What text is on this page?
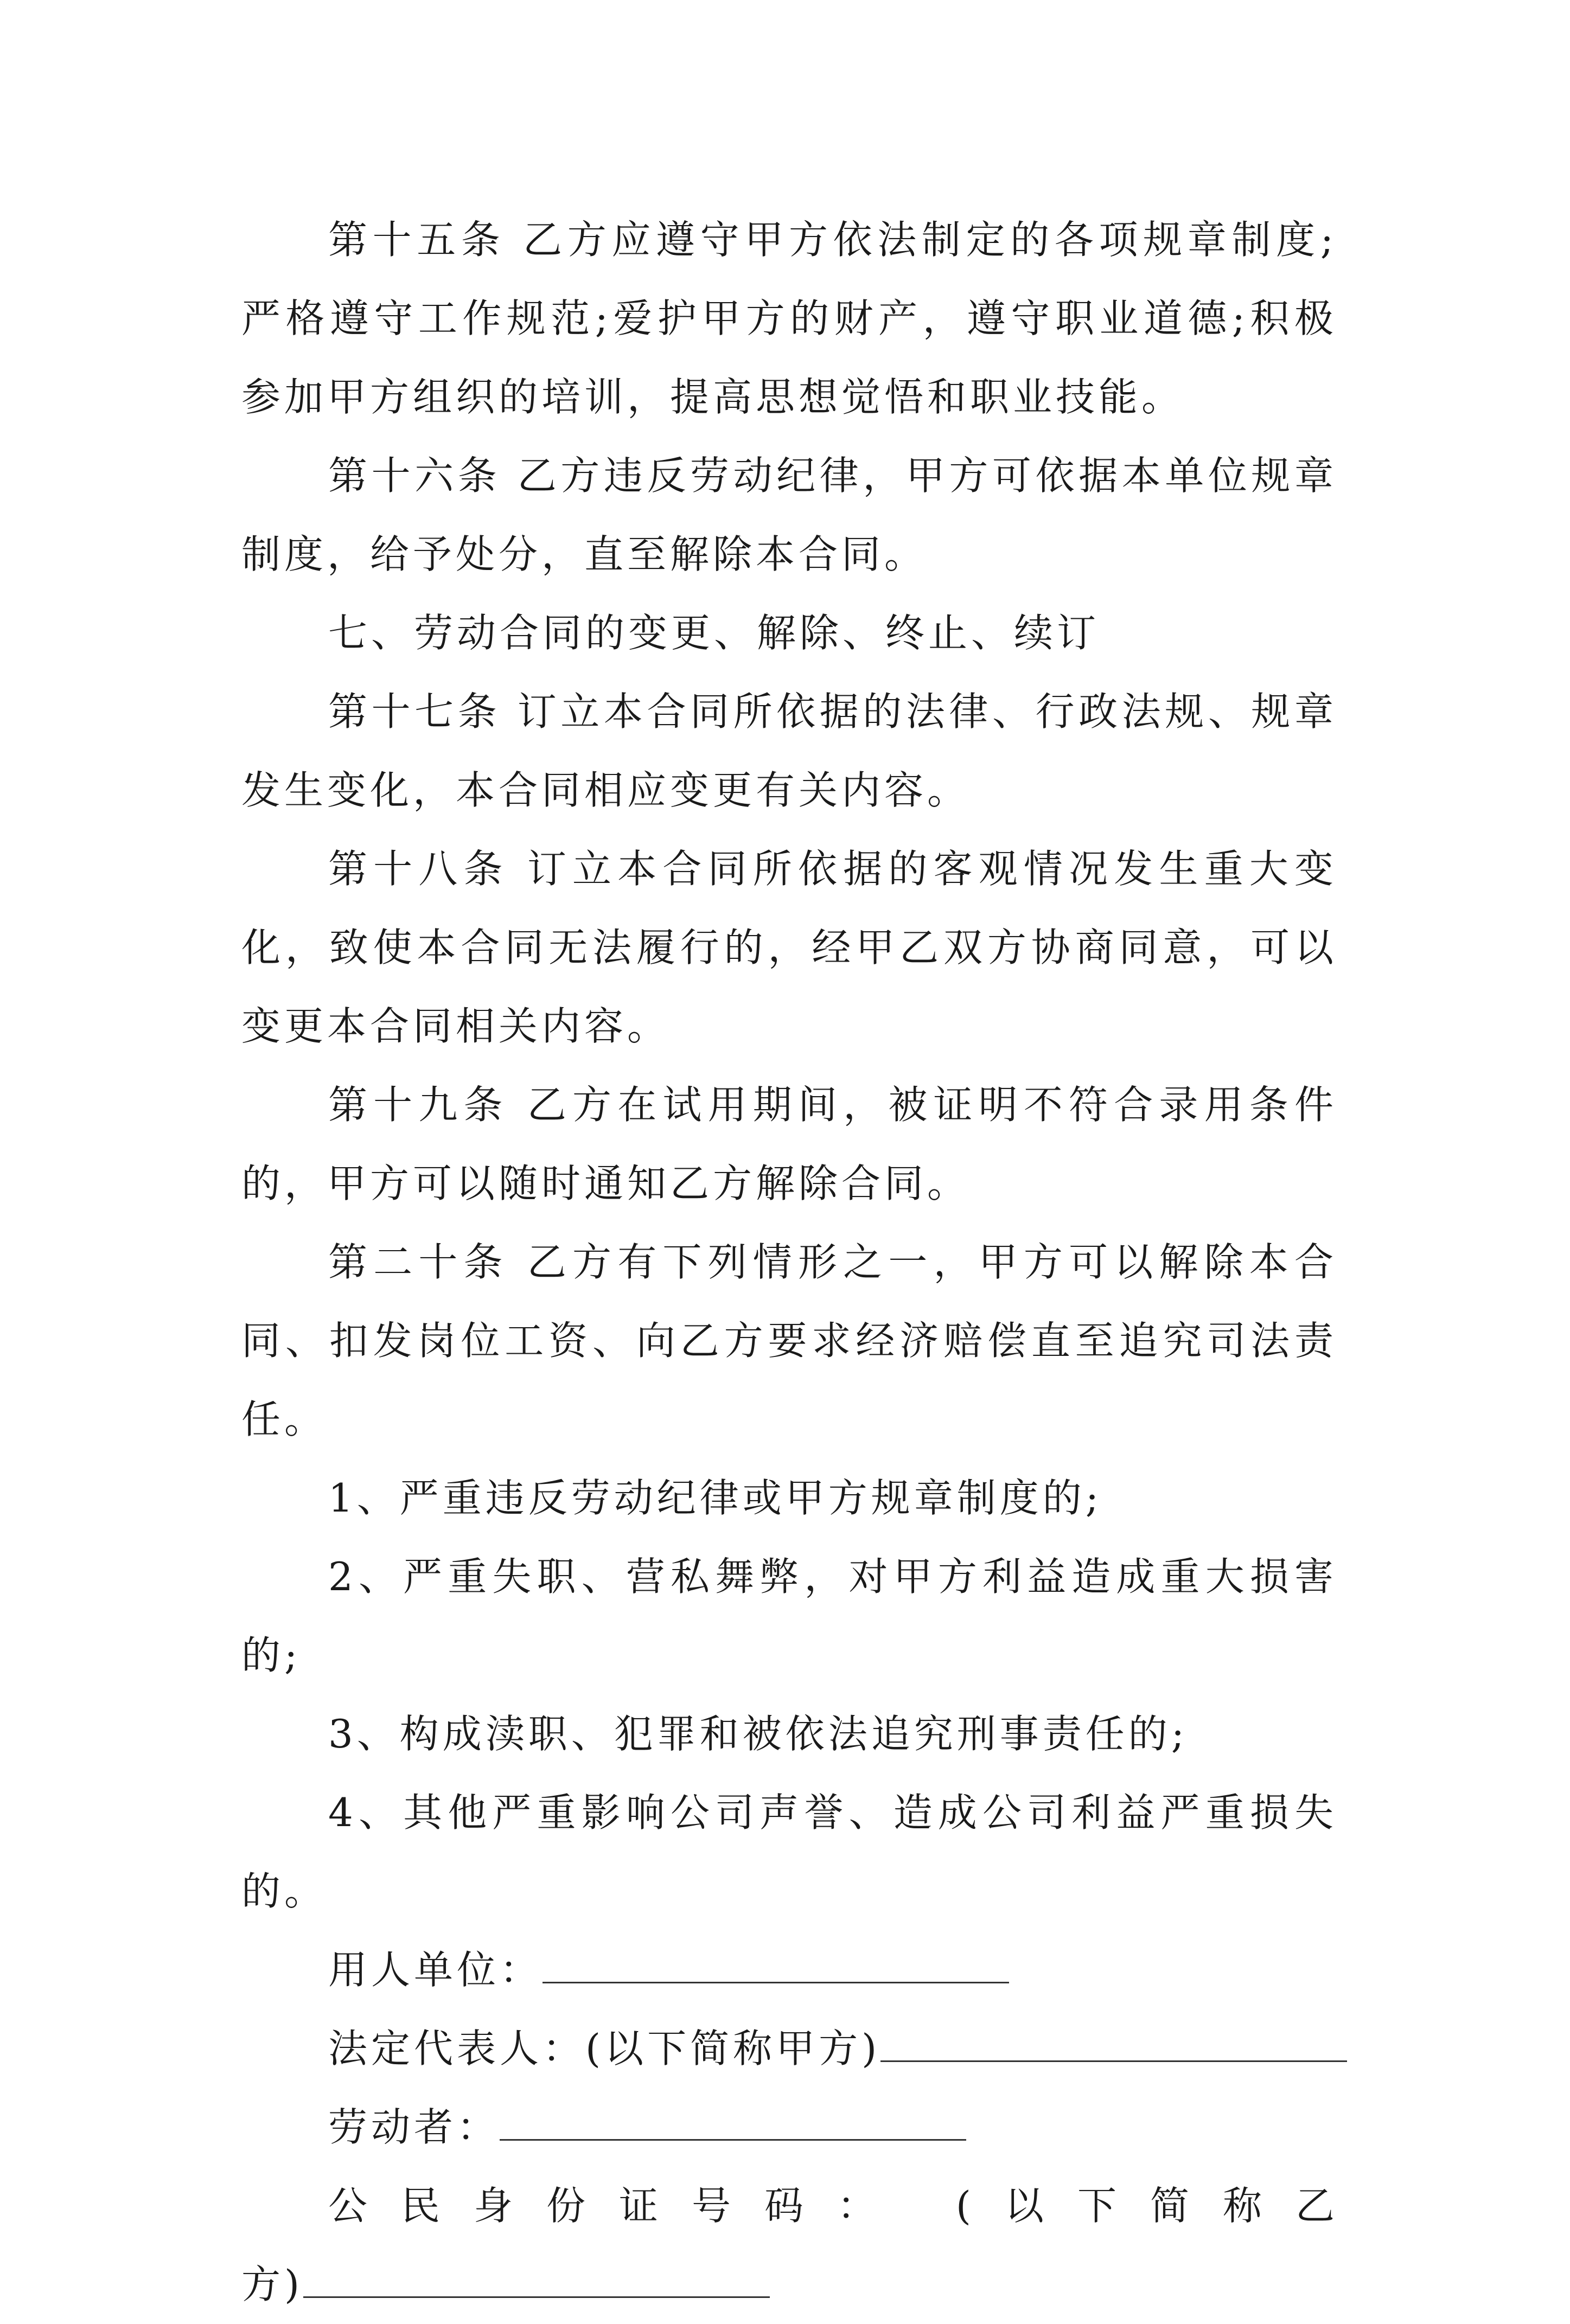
第十五条 乙方应遵守甲方依法制定的各项规章制度;严格遵守工作规范;爱护甲方的财产，遵守职业道德;积极参加甲方组织的培训，提高思想觉悟和职业技能。

第十六条 乙方违反劳动纪律，甲方可依据本单位规章制度，给予处分，直至解除本合同。

七、劳动合同的变更、解除、终止、续订

第十七条 订立本合同所依据的法律、行政法规、规章发生变化，本合同相应变更有关内容。

第十八条 订立本合同所依据的客观情况发生重大变化，致使本合同无法履行的，经甲乙双方协商同意，可以变更本合同相关内容。

第十九条 乙方在试用期间，被证明不符合录用条件的，甲方可以随时通知乙方解除合同。

第二十条 乙方有下列情形之一，甲方可以解除本合同、扣发岗位工资、向乙方要求经济赔偿直至追究司法责任。

1、严重违反劳动纪律或甲方规章制度的;

2、严重失职、营私舞弊，对甲方利益造成重大损害的;

3、构成渎职、犯罪和被依法追究刑事责任的;

4、其他严重影响公司声誉、造成公司利益严重损失的。

用人单位：

法定代表人：(以下简称甲方)

劳动者：

公民身份证号码： (以下简称乙

方)
